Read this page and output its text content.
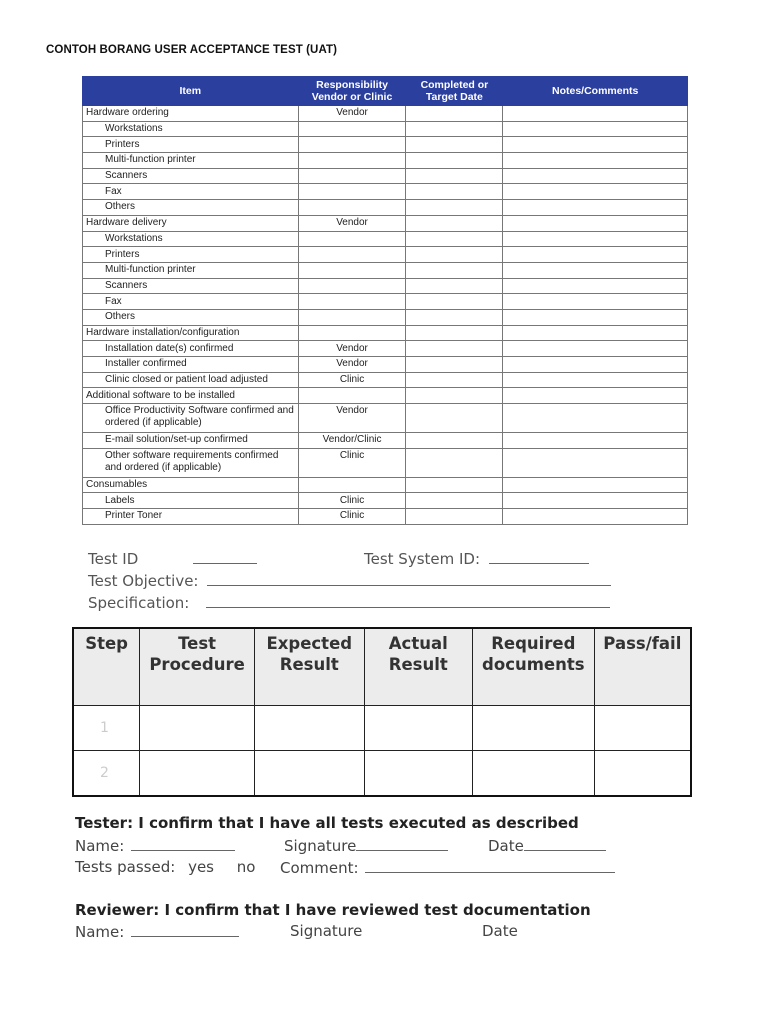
CONTOH BORANG USER ACCEPTANCE TEST (UAT)
Item	Responsibility Vendor or Clinic	Completed or Target Date	Notes/Comments
Hardware ordering	Vendor		
Workstations			
Printers			
Multi-function printer			
Scanners			
Fax			
Others			
Hardware delivery	Vendor		
Workstations			
Printers			
Multi-function printer			
Scanners			
Fax			
Others			
Hardware installation/configuration			
Installation date(s) confirmed	Vendor		
Installer confirmed	Vendor		
Clinic closed or patient load adjusted	Clinic		
Additional software to be installed			
Office Productivity Software confirmed and ordered (if applicable)	Vendor		
E-mail solution/set-up confirmed	Vendor/Clinic		
Other software requirements confirmed and ordered (if applicable)	Clinic		
Consumables			
Labels	Clinic		
Printer Toner	Clinic		
Test ID	Test System ID:
Test Objective:
Specification:
Step	Test Procedure	Expected Result	Actual Result	Required documents	Pass/fail
1					
2					
Tester: I confirm that I have all tests executed as described
Name:	Signature	Date
Tests passed: yes no Comment:
Reviewer: I confirm that I have reviewed test documentation
Name:	Signature	Date
